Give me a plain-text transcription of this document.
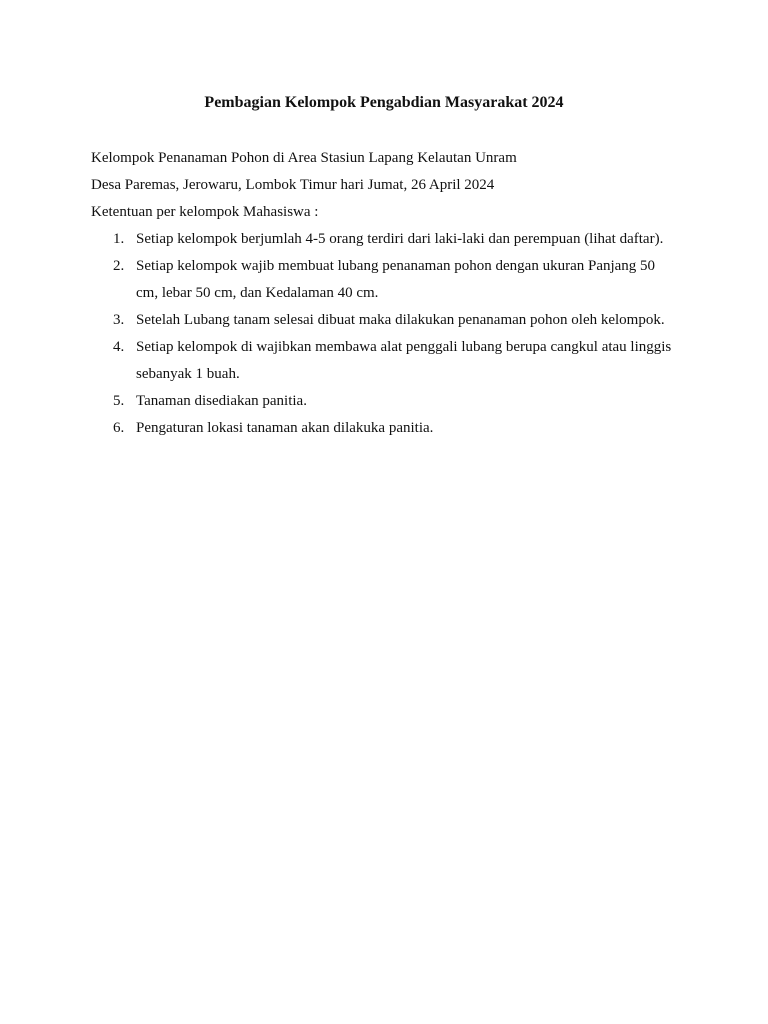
Pembagian Kelompok Pengabdian Masyarakat 2024

Kelompok Penanaman Pohon di Area Stasiun Lapang Kelautan Unram

Desa Paremas, Jerowaru, Lombok Timur hari Jumat, 26 April 2024

Ketentuan per kelompok Mahasiswa :

1. Setiap kelompok berjumlah 4-5 orang terdiri dari laki-laki dan perempuan (lihat daftar).
2. Setiap kelompok wajib membuat lubang penanaman pohon dengan ukuran Panjang 50 cm, lebar 50 cm, dan Kedalaman 40 cm.
3. Setelah Lubang tanam selesai dibuat maka dilakukan penanaman pohon oleh kelompok.
4. Setiap kelompok di wajibkan membawa alat penggali lubang berupa cangkul atau linggis sebanyak 1 buah.
5. Tanaman disediakan panitia.
6. Pengaturan lokasi tanaman akan dilakuka panitia.
